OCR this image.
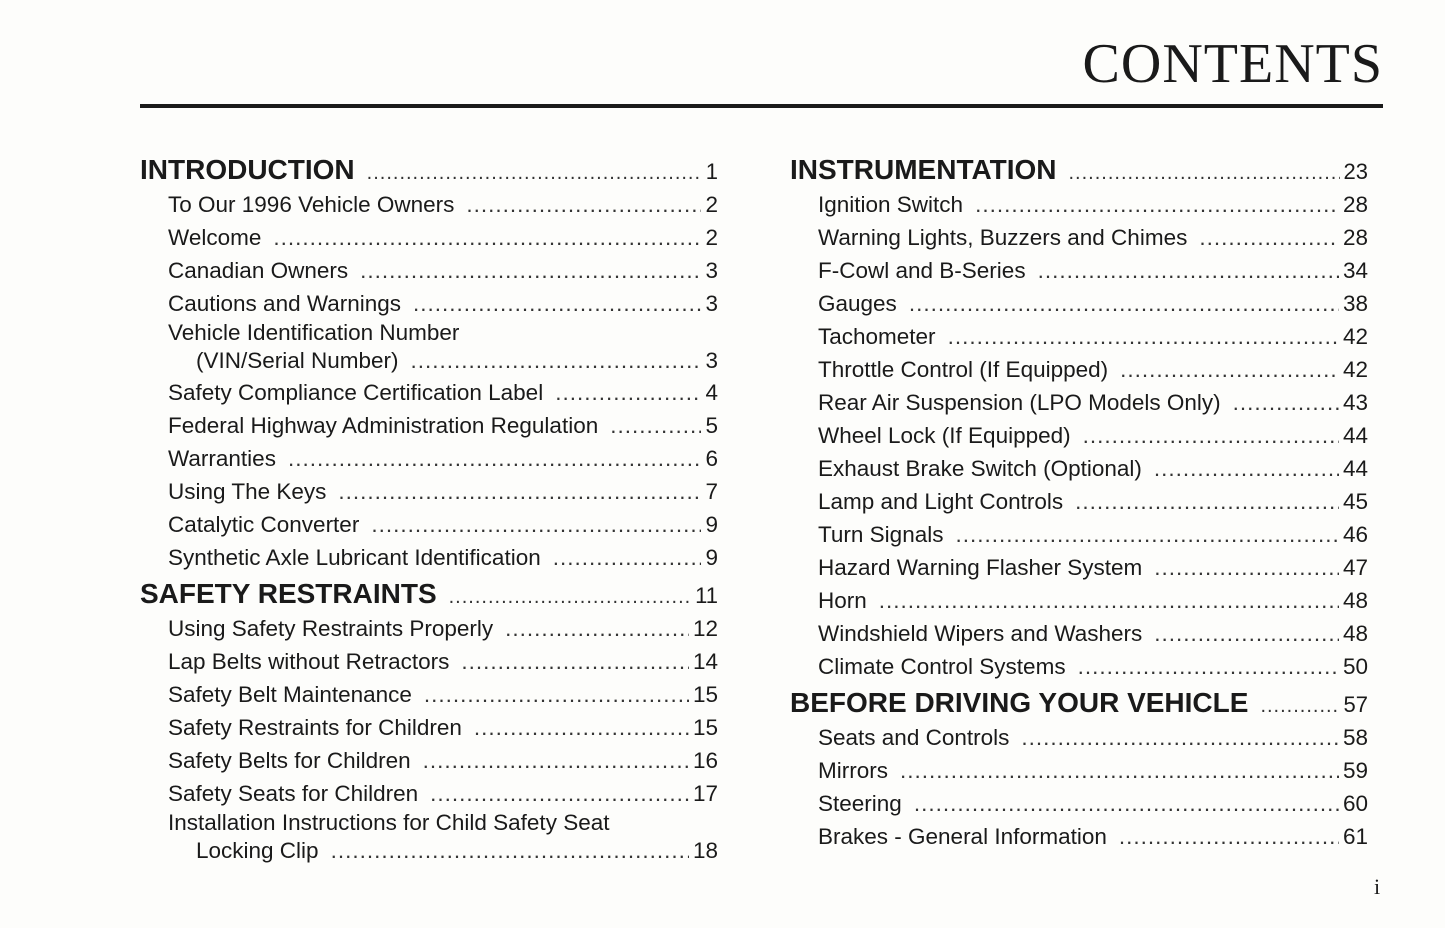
CONTENTS
INTRODUCTION .....	1
To Our 1996 Vehicle Owners .....	2
Welcome .....	2
Canadian Owners .....	3
Cautions and Warnings .....	3
Vehicle Identification Number
(VIN/Serial Number) .....	3
Safety Compliance Certification Label .....	4
Federal Highway Administration Regulation .....	5
Warranties .....	6
Using The Keys .....	7
Catalytic Converter .....	9
Synthetic Axle Lubricant Identification .....	9
SAFETY RESTRAINTS .....	11
Using Safety Restraints Properly .....	12
Lap Belts without Retractors .....	14
Safety Belt Maintenance .....	15
Safety Restraints for Children .....	15
Safety Belts for Children .....	16
Safety Seats for Children .....	17
Installation Instructions for Child Safety Seat
Locking Clip .....	18
INSTRUMENTATION .....	23
Ignition Switch .....	28
Warning Lights, Buzzers and Chimes .....	28
F-Cowl and B-Series .....	34
Gauges .....	38
Tachometer .....	42
Throttle Control (If Equipped) .....	42
Rear Air Suspension (LPO Models Only) .....	43
Wheel Lock (If Equipped) .....	44
Exhaust Brake Switch (Optional) .....	44
Lamp and Light Controls .....	45
Turn Signals .....	46
Hazard Warning Flasher System .....	47
Horn .....	48
Windshield Wipers and Washers .....	48
Climate Control Systems .....	50
BEFORE DRIVING YOUR VEHICLE .....	57
Seats and Controls .....	58
Mirrors .....	59
Steering .....	60
Brakes - General Information .....	61
i
